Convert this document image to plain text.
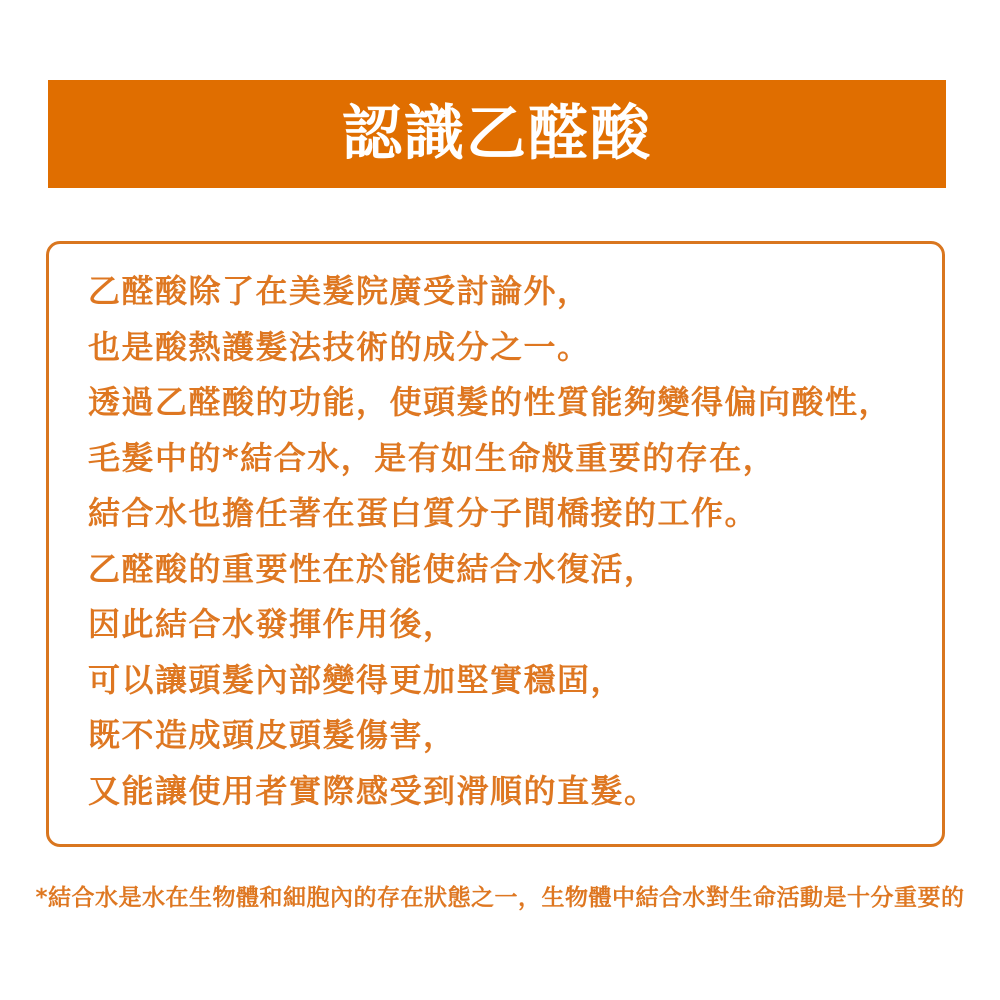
認識乙醛酸

乙醛酸除了在美髮院廣受討論外，

也是酸熱護髮法技術的成分之一。

透過乙醛酸的功能，使頭髮的性質能夠變得偏向酸性，

毛髮中的*結合水，是有如生命般重要的存在，

結合水也擔任著在蛋白質分子間橋接的工作。

乙醛酸的重要性在於能使結合水復活，

因此結合水發揮作用後，

可以讓頭髮內部變得更加堅實穩固，

既不造成頭皮頭髮傷害，

又能讓使用者實際感受到滑順的直髮。

*結合水是水在生物體和細胞內的存在狀態之一，生物體中結合水對生命活動是十分重要的
